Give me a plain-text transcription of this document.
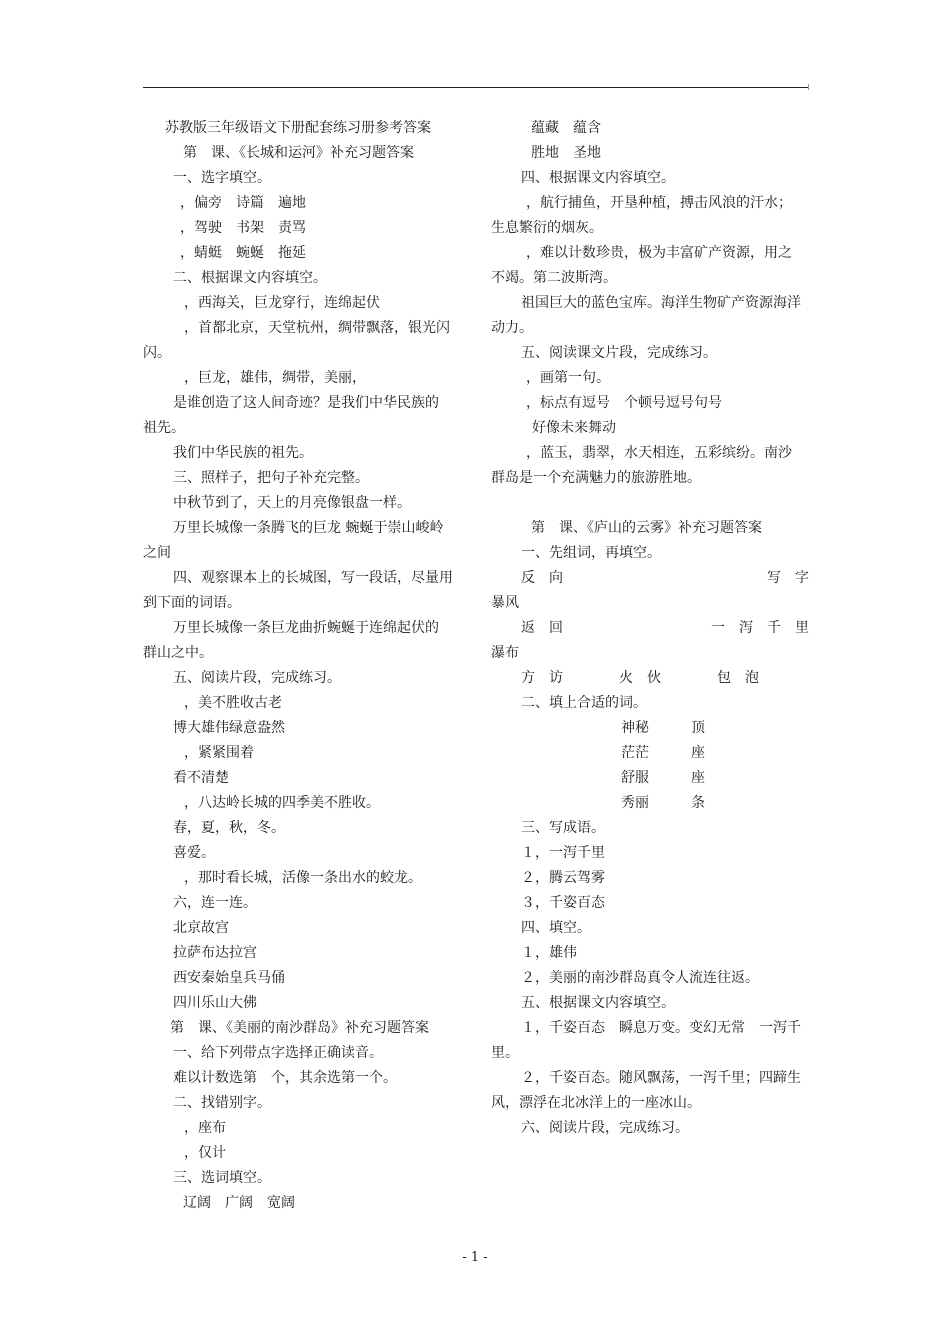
苏教版三年级语文下册配套练习册参考答案
第　课、《长城和运河》补充习题答案
一、选字填空。
，偏旁　诗篇　遍地
，驾驶　书架　责骂
，蜻蜓　蜿蜒　拖延
二、根据课文内容填空。
，西海关，巨龙穿行，连绵起伏
，首都北京，天堂杭州，绸带飘落，银光闪
闪。
，巨龙，雄伟，绸带，美丽，
是谁创造了这人间奇迹？是我们中华民族的
祖先。
我们中华民族的祖先。
三、照样子，把句子补充完整。
中秋节到了，天上的月亮像银盘一样。
万里长城像一条腾飞的巨龙 蜿蜒于崇山峻岭
之间
四、观察课本上的长城图，写一段话，尽量用
到下面的词语。
万里长城像一条巨龙曲折蜿蜒于连绵起伏的
群山之中。
五、阅读片段，完成练习。
，美不胜收古老
博大雄伟绿意盎然
，紧紧围着
看不清楚
，八达岭长城的四季美不胜收。
春，夏，秋，冬。
喜爱。
，那时看长城，活像一条出水的蛟龙。
六，连一连。
北京故宫
拉萨布达拉宫
西安秦始皇兵马俑
四川乐山大佛
第　课、《美丽的南沙群岛》补充习题答案
一、给下列带点字选择正确读音。
难以计数选第　个，其余选第一个。
二、找错别字。
，座布
，仅计
三、选词填空。
辽阔　广阔　宽阔
蕴藏　蕴含
胜地　圣地
四、根据课文内容填空。
，航行捕鱼，开垦种植，搏击风浪的汗水；
生息繁衍的烟灰。
，难以计数珍贵，极为丰富矿产资源，用之
不竭。第二波斯湾。
祖国巨大的蓝色宝库。海洋生物矿产资源海洋
动力。
五、阅读课文片段，完成练习。
，画第一句。
，标点有逗号　个顿号逗号句号
好像未来舞动
，蓝玉，翡翠，水天相连，五彩缤纷。南沙
群岛是一个充满魅力的旅游胜地。
第　课、《庐山的云雾》补充习题答案
一、先组词，再填空。
反　向	写　字
暴风
返　回	一　泻　千　里
瀑布
方　访　　　　火　伙　　　　包　泡
二、填上合适的词。
神秘　　　顶
茫茫　　　座
舒服　　　座
秀丽　　　条
三、写成语。
１，一泻千里
２，腾云驾雾
３，千姿百态
四、填空。
１，雄伟
２，美丽的南沙群岛真令人流连往返。
五、根据课文内容填空。
１，千姿百态　瞬息万变。变幻无常　一泻千
里。
２，千姿百态。随风飘荡，一泻千里；四蹄生
风，漂浮在北冰洋上的一座冰山。
六、阅读片段，完成练习。
- 1 -
